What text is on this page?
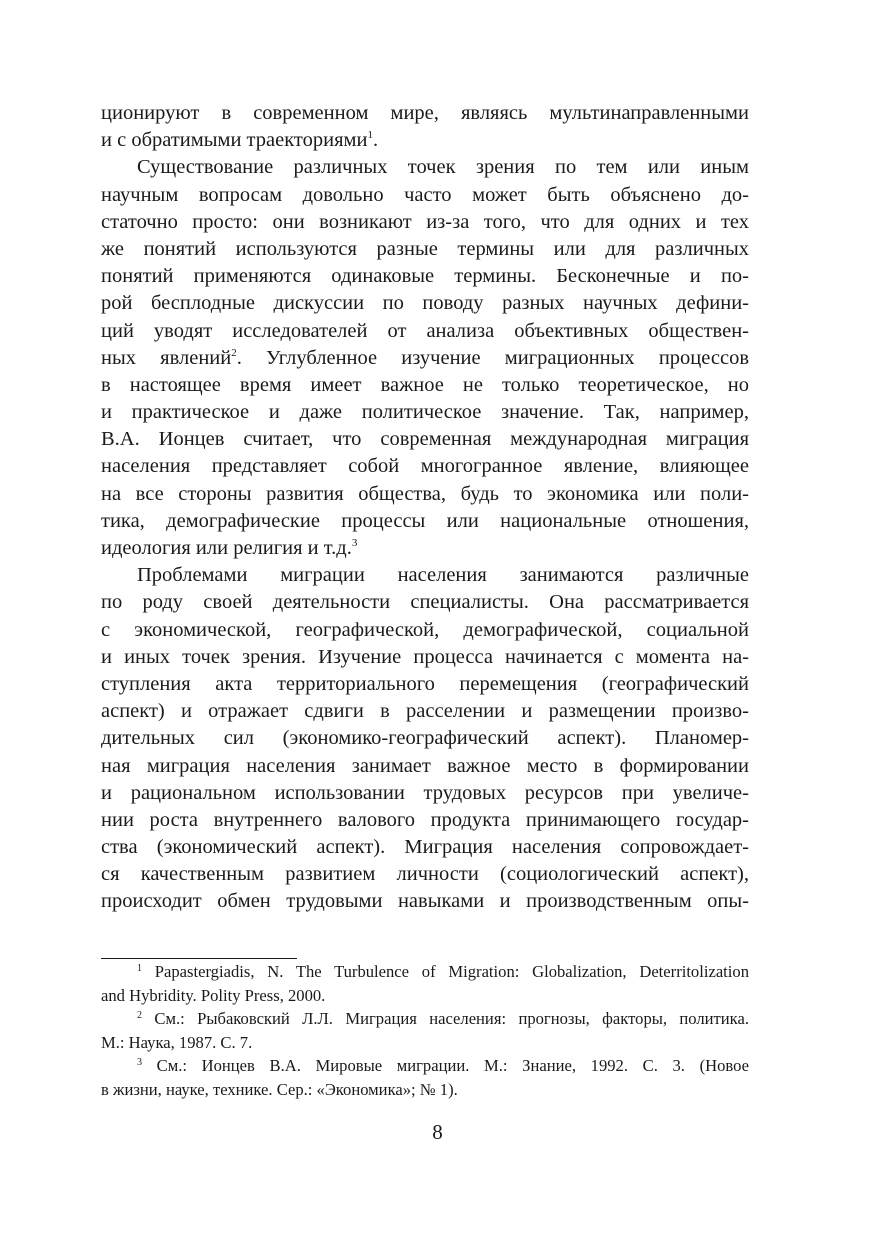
ционируют в современном мире, являясь мультинаправленными
и с обратимыми траекториями$^1$.
Существование различных точек зрения по тем или иным
научным вопросам довольно часто может быть объяснено до-
статочно просто: они возникают из-за того, что для одних и тех
же понятий используются разные термины или для различных
понятий применяются одинаковые термины. Бесконечные и по-
рой бесплодные дискуссии по поводу разных научных дефини-
ций уводят исследователей от анализа объективных обществен-
ных явлений$^2$. Углубленное изучение миграционных процессов
в настоящее время имеет важное не только теоретическое, но
и практическое и даже политическое значение. Так, например,
В.А. Ионцев считает, что современная международная миграция
населения представляет собой многогранное явление, влияющее
на все стороны развития общества, будь то экономика или поли-
тика, демографические процессы или национальные отношения,
идеология или религия и т.д.$^3$
Проблемами миграции населения занимаются различные
по роду своей деятельности специалисты. Она рассматривается
с экономической, географической, демографической, социальной
и иных точек зрения. Изучение процесса начинается с момента на-
ступления акта территориального перемещения (географический
аспект) и отражает сдвиги в расселении и размещении произво-
дительных сил (экономико-географический аспект). Планомер-
ная миграция населения занимает важное место в формировании
и рациональном использовании трудовых ресурсов при увеличе-
нии роста внутреннего валового продукта принимающего государ-
ства (экономический аспект). Миграция населения сопровождает-
ся качественным развитием личности (социологический аспект),
происходит обмен трудовыми навыками и производственным опы-
$^1$ Papastergiadis, N. The Turbulence of Migration: Globalization, Deterritolization
and Hybridity. Polity Press, 2000.
$^2$ См.: Рыбаковский Л.Л. Миграция населения: прогнозы, факторы, политика.
М.: Наука, 1987. С. 7.
$^3$ См.: Ионцев В.А. Мировые миграции. М.: Знание, 1992. С. 3. (Новое
в жизни, науке, технике. Сер.: «Экономика»; № 1).
8
